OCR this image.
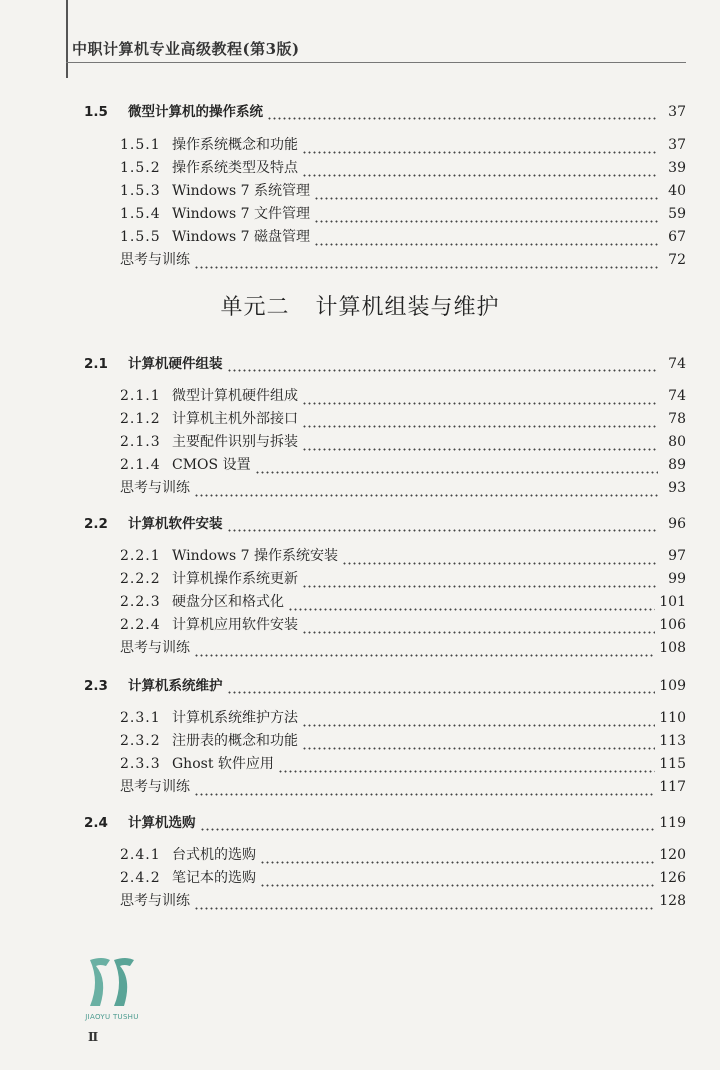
中职计算机专业高级教程(第3版)
1.5	微型计算机的操作系统	37
1.5.1 操作系统概念和功能	37
1.5.2 操作系统类型及特点	39
1.5.3 Windows 7 系统管理	40
1.5.4 Windows 7 文件管理	59
1.5.5 Windows 7 磁盘管理	67
思考与训练	72
2.1	计算机硬件组装	74
2.1.1 微型计算机硬件组成	74
2.1.2 计算机主机外部接口	78
2.1.3 主要配件识别与拆装	80
2.1.4 CMOS 设置	89
思考与训练	93
2.2	计算机软件安装	96
2.2.1 Windows 7 操作系统安装	97
2.2.2 计算机操作系统更新	99
2.2.3 硬盘分区和格式化	101
2.2.4 计算机应用软件安装	106
思考与训练	108
2.3	计算机系统维护	109
2.3.1 计算机系统维护方法	110
2.3.2 注册表的概念和功能	113
2.3.3 Ghost 软件应用	115
思考与训练	117
2.4	计算机选购	119
2.4.1 台式机的选购	120
2.4.2 笔记本的选购	126
思考与训练	128
单元二 计算机组装与维护
JIAOYU TUSHU
Ⅱ
